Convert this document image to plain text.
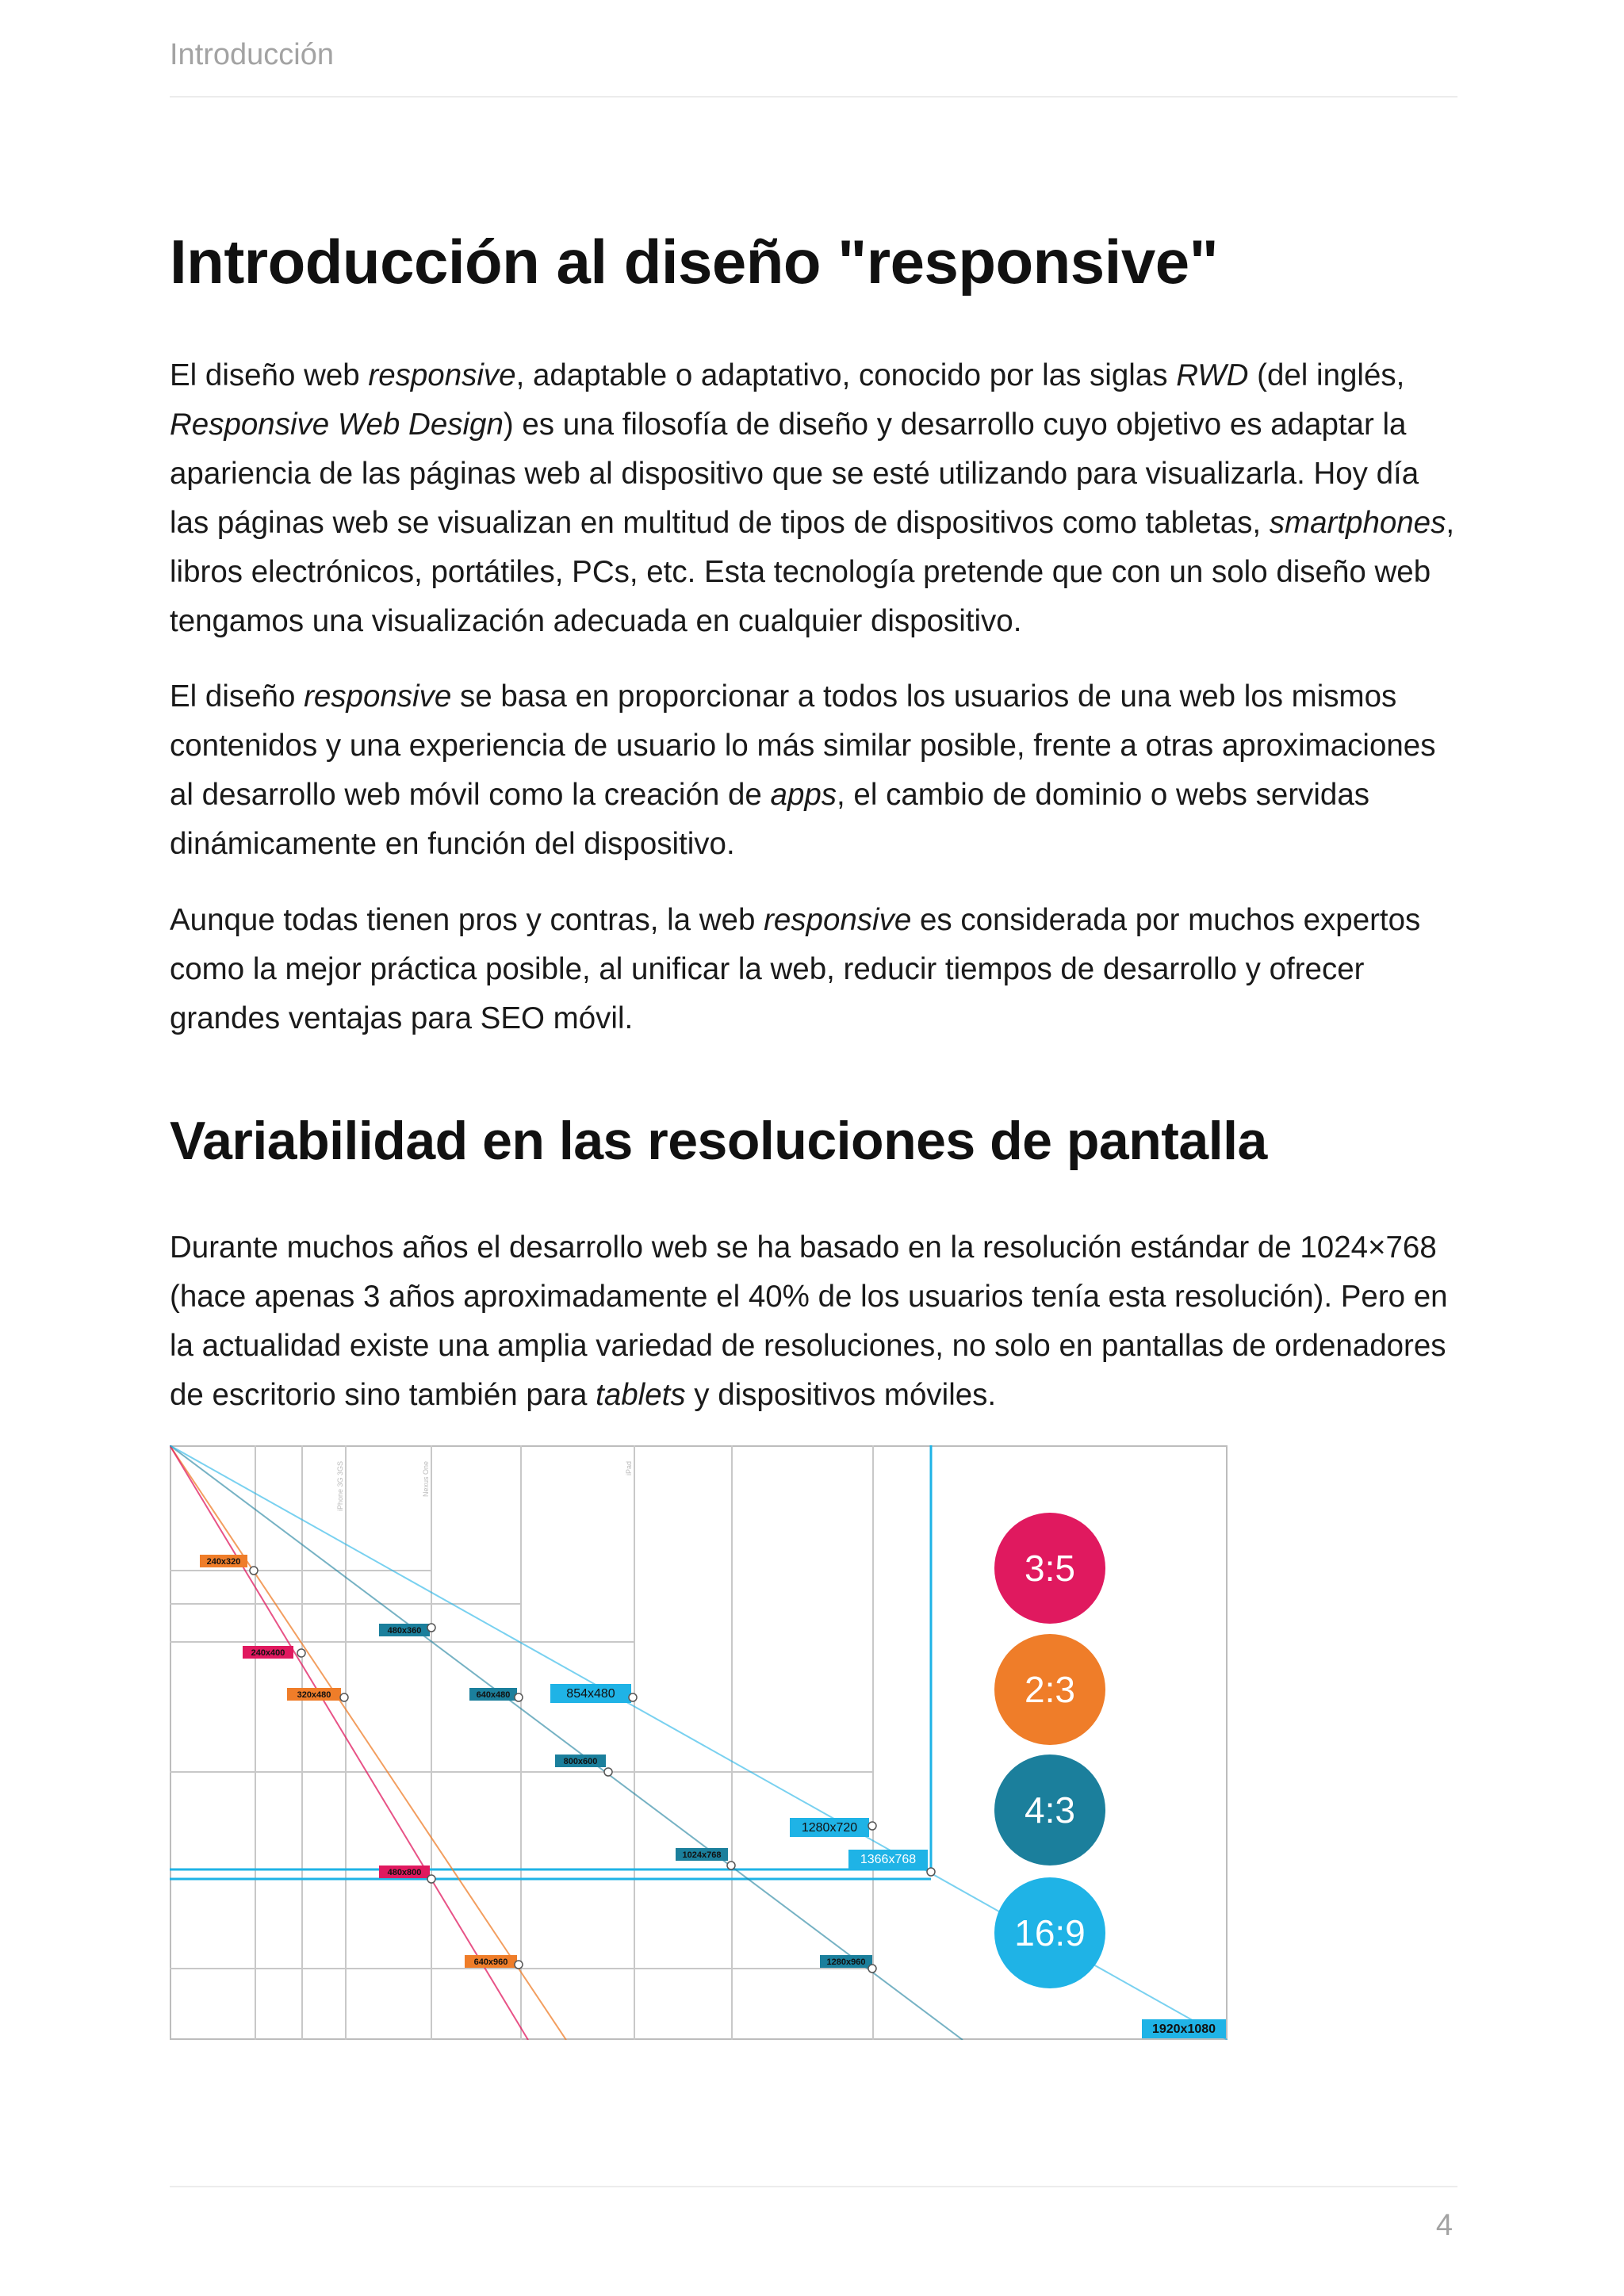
Introducción
Introducción al diseño "responsive"

El diseño web responsive, adaptable o adaptativo, conocido por las siglas RWD (del inglés, Responsive Web Design) es una filosofía de diseño y desarrollo cuyo objetivo es adaptar la apariencia de las páginas web al dispositivo que se esté utilizando para visualizarla. Hoy día las páginas web se visualizan en multitud de tipos de dispositivos como tabletas, smartphones, libros electrónicos, portátiles, PCs, etc. Esta tecnología pretende que con un solo diseño web tengamos una visualización adecuada en cualquier dispositivo.

El diseño responsive se basa en proporcionar a todos los usuarios de una web los mismos contenidos y una experiencia de usuario lo más similar posible, frente a otras aproximaciones al desarrollo web móvil como la creación de apps, el cambio de dominio o webs servidas dinámicamente en función del dispositivo.

Aunque todas tienen pros y contras, la web responsive es considerada por muchos expertos como la mejor práctica posible, al unificar la web, reducir tiempos de desarrollo y ofrecer grandes ventajas para SEO móvil.

Variabilidad en las resoluciones de pantalla

Durante muchos años el desarrollo web se ha basado en la resolución estándar de 1024×768 (hace apenas 3 años aproximadamente el 40% de los usuarios tenía esta resolución). Pero en la actualidad existe una amplia variedad de resoluciones, no solo en pantallas de ordenadores de escritorio sino también para tablets y dispositivos móviles.

iPhone 3G 3GS	Nexus One	iPad
240x320
480x360
240x400
320x480	640x480	854x480
800x600
1280x720
1024x768	1366x768
480x800
640x960	1280x960
1920x1080
3:5
2:3
4:3
16:9
4
